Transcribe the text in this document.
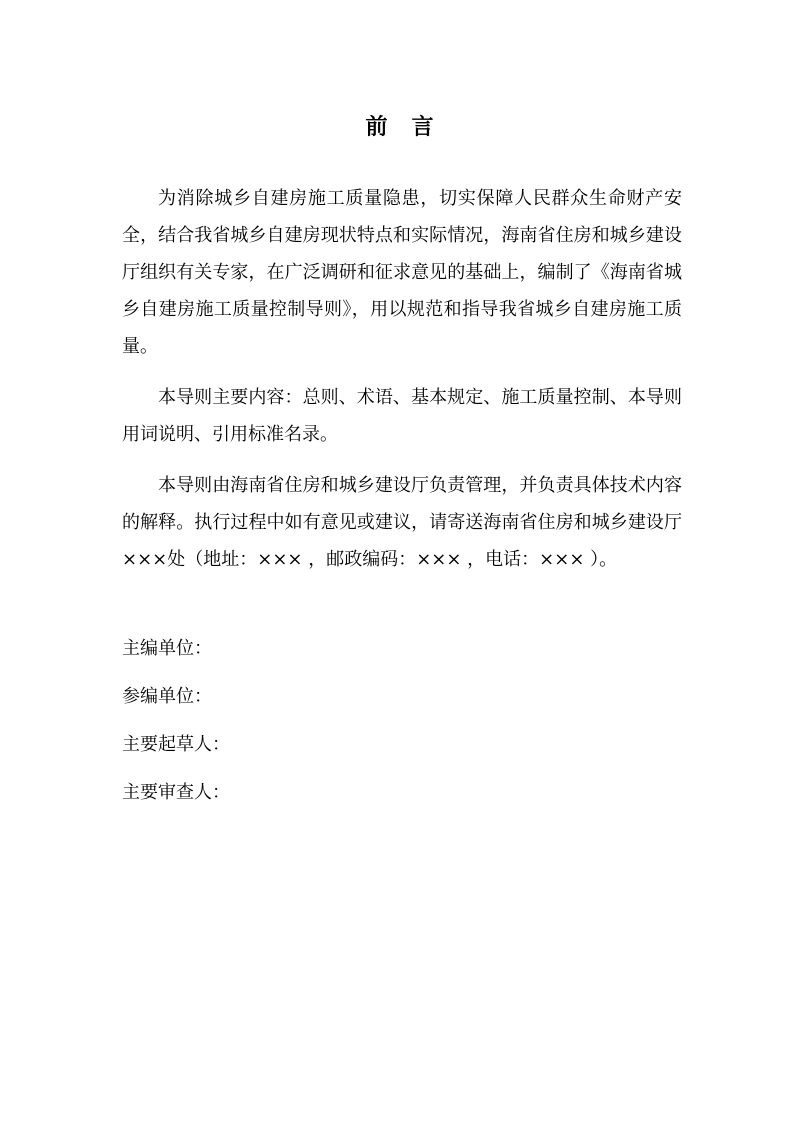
前　言

为消除城乡自建房施工质量隐患，切实保障人民群众生命财产安全，结合我省城乡自建房现状特点和实际情况，海南省住房和城乡建设厅组织有关专家，在广泛调研和征求意见的基础上，编制了《海南省城乡自建房施工质量控制导则》，用以规范和指导我省城乡自建房施工质量。

本导则主要内容：总则、术语、基本规定、施工质量控制、本导则用词说明、引用标准名录。

本导则由海南省住房和城乡建设厅负责管理，并负责具体技术内容的解释。执行过程中如有意见或建议，请寄送海南省住房和城乡建设厅×××处（地址：××× ，邮政编码：××× ，电话：××× ）。

主编单位：

参编单位：

主要起草人：

主要审查人：
